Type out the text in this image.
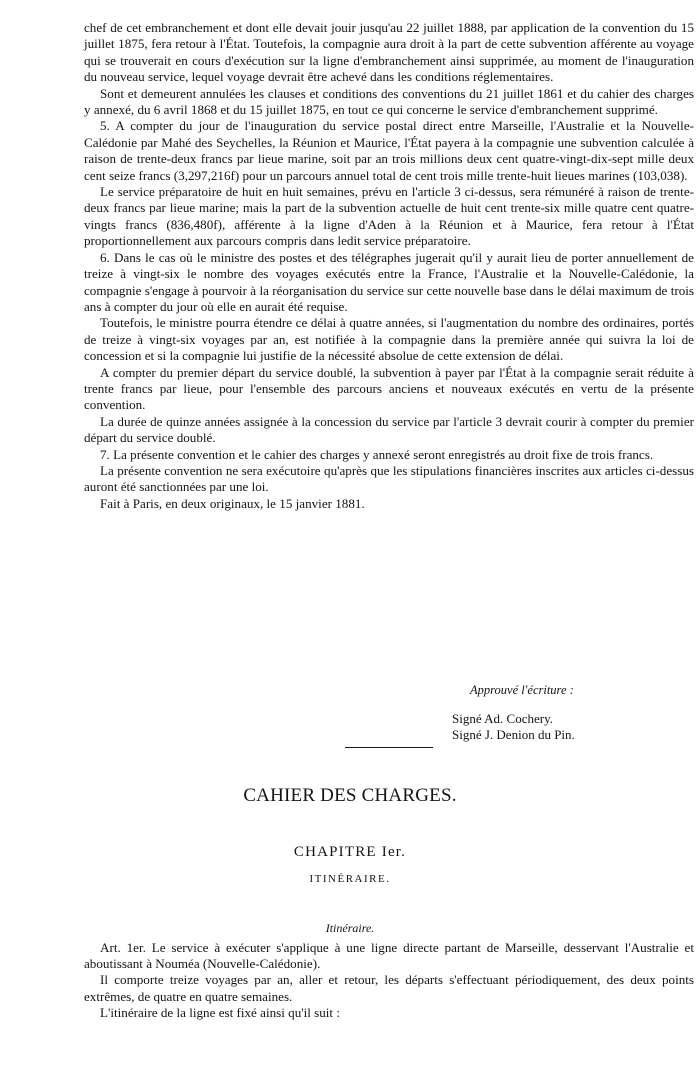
chef de cet embranchement et dont elle devait jouir jusqu'au 22 juillet 1888, par application de la convention du 15 juillet 1875, fera retour à l'État. Toutefois, la compagnie aura droit à la part de cette subvention afférente au voyage qui se trouverait en cours d'exécution sur la ligne d'embranchement ainsi supprimée, au moment de l'inauguration du nouveau service, lequel voyage devrait être achevé dans les conditions réglementaires.

Sont et demeurent annulées les clauses et conditions des conventions du 21 juillet 1861 et du cahier des charges y annexé, du 6 avril 1868 et du 15 juillet 1875, en tout ce qui concerne le service d'embranchement supprimé.

5. A compter du jour de l'inauguration du service postal direct entre Marseille, l'Australie et la Nouvelle-Calédonie par Mahé des Seychelles, la Réunion et Maurice, l'État payera à la compagnie une subvention calculée à raison de trente-deux francs par lieue marine, soit par an trois millions deux cent quatre-vingt-dix-sept mille deux cent seize francs (3,297,216f) pour un parcours annuel total de cent trois mille trente-huit lieues marines (103,038).

Le service préparatoire de huit en huit semaines, prévu en l'article 3 ci-dessus, sera rémunéré à raison de trente-deux francs par lieue marine; mais la part de la subvention actuelle de huit cent trente-six mille quatre cent quatre-vingts francs (836,480f), afférente à la ligne d'Aden à la Réunion et à Maurice, fera retour à l'État proportionnellement aux parcours compris dans ledit service préparatoire.

6. Dans le cas où le ministre des postes et des télégraphes jugerait qu'il y aurait lieu de porter annuellement de treize à vingt-six le nombre des voyages exécutés entre la France, l'Australie et la Nouvelle-Calédonie, la compagnie s'engage à pourvoir à la réorganisation du service sur cette nouvelle base dans le délai maximum de trois ans à compter du jour où elle en aurait été requise.

Toutefois, le ministre pourra étendre ce délai à quatre années, si l'augmentation du nombre des ordinaires, portés de treize à vingt-six voyages par an, est notifiée à la compagnie dans la première année qui suivra la loi de concession et si la compagnie lui justifie de la nécessité absolue de cette extension de délai.

A compter du premier départ du service doublé, la subvention à payer par l'État à la compagnie serait réduite à trente francs par lieue, pour l'ensemble des parcours anciens et nouveaux exécutés en vertu de la présente convention.

La durée de quinze années assignée à la concession du service par l'article 3 devrait courir à compter du premier départ du service doublé.

7. La présente convention et le cahier des charges y annexé seront enregistrés au droit fixe de trois francs.

La présente convention ne sera exécutoire qu'après que les stipulations financières inscrites aux articles ci-dessus auront été sanctionnées par une loi.

Fait à Paris, en deux originaux, le 15 janvier 1881.

Approuvé l'écriture :
Signé Ad. Cochery.
Signé J. Denion du Pin.
CAHIER DES CHARGES.
CHAPITRE Ier.
ITINÉRAIRE.
Itinéraire.

Art. 1er. Le service à exécuter s'applique à une ligne directe partant de Marseille, desservant l'Australie et aboutissant à Nouméa (Nouvelle-Calédonie).

Il comporte treize voyages par an, aller et retour, les départs s'effectuant périodiquement, des deux points extrêmes, de quatre en quatre semaines.

L'itinéraire de la ligne est fixé ainsi qu'il suit :
